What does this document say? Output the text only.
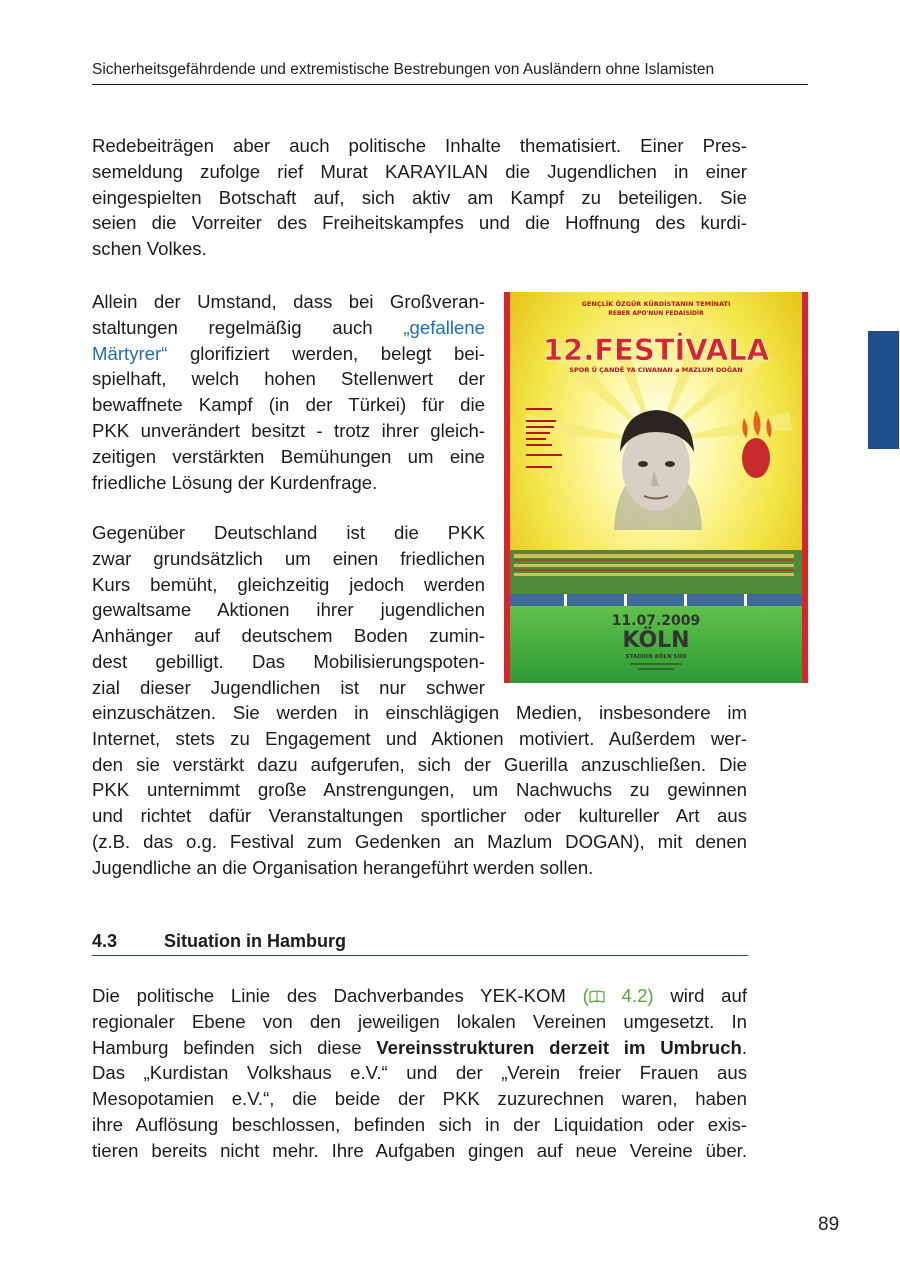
Sicherheitsgefährdende und extremistische Bestrebungen von Ausländern ohne Islamisten
Redebeiträgen aber auch politische Inhalte thematisiert. Einer Pres-
semeldung zufolge rief Murat KARAYILAN die Jugendlichen in einer
eingespielten Botschaft auf, sich aktiv am Kampf zu beteiligen. Sie
seien die Vorreiter des Freiheitskampfes und die Hoffnung des kurdi-
schen Volkes.
Allein der Umstand, dass bei Großveran-
staltungen regelmäßig auch „gefallene
Märtyrer“ glorifiziert werden, belegt bei-
spielhaft, welch hohen Stellenwert der
bewaffnete Kampf (in der Türkei) für die
PKK unverändert besitzt - trotz ihrer gleich-
zeitigen verstärkten Bemühungen um eine
friedliche Lösung der Kurdenfrage.
Gegenüber Deutschland ist die PKK
zwar grundsätzlich um einen friedlichen
Kurs bemüht, gleichzeitig jedoch werden
gewaltsame Aktionen ihrer jugendlichen
Anhänger auf deutschem Boden zumin-
dest gebilligt. Das Mobilisierungspoten-
zial dieser Jugendlichen ist nur schwer
einzuschätzen. Sie werden in einschlägigen Medien, insbesondere im
Internet, stets zu Engagement und Aktionen motiviert. Außerdem wer-
den sie verstärkt dazu aufgerufen, sich der Guerilla anzuschließen. Die
PKK unternimmt große Anstrengungen, um Nachwuchs zu gewinnen
und richtet dafür Veranstaltungen sportlicher oder kultureller Art aus
(z.B. das o.g. Festival zum Gedenken an Mazlum DOGAN), mit denen
Jugendliche an die Organisation herangeführt werden sollen.
GENÇLİK ÖZGÜR KÜRDİSTANIN TEMİNATI
REBER APO'NUN FEDAİSİDİR
12.FESTİVALA
SPOR Û ÇANDÊ YA CIWANAN a MAZLUM DOĞAN
11.07.2009
KÖLN
STADION KÖLN SÜD
4.3	Situation in Hamburg
Die politische Linie des Dachverbandes YEK-KOM ( 4.2) wird auf
regionaler Ebene von den jeweiligen lokalen Vereinen umgesetzt. In
Hamburg befinden sich diese Vereinsstrukturen derzeit im Umbruch.
Das „Kurdistan Volkshaus e.V.“ und der „Verein freier Frauen aus
Mesopotamien e.V.“, die beide der PKK zuzurechnen waren, haben
ihre Auflösung beschlossen, befinden sich in der Liquidation oder exis-
tieren bereits nicht mehr. Ihre Aufgaben gingen auf neue Vereine über.
89
